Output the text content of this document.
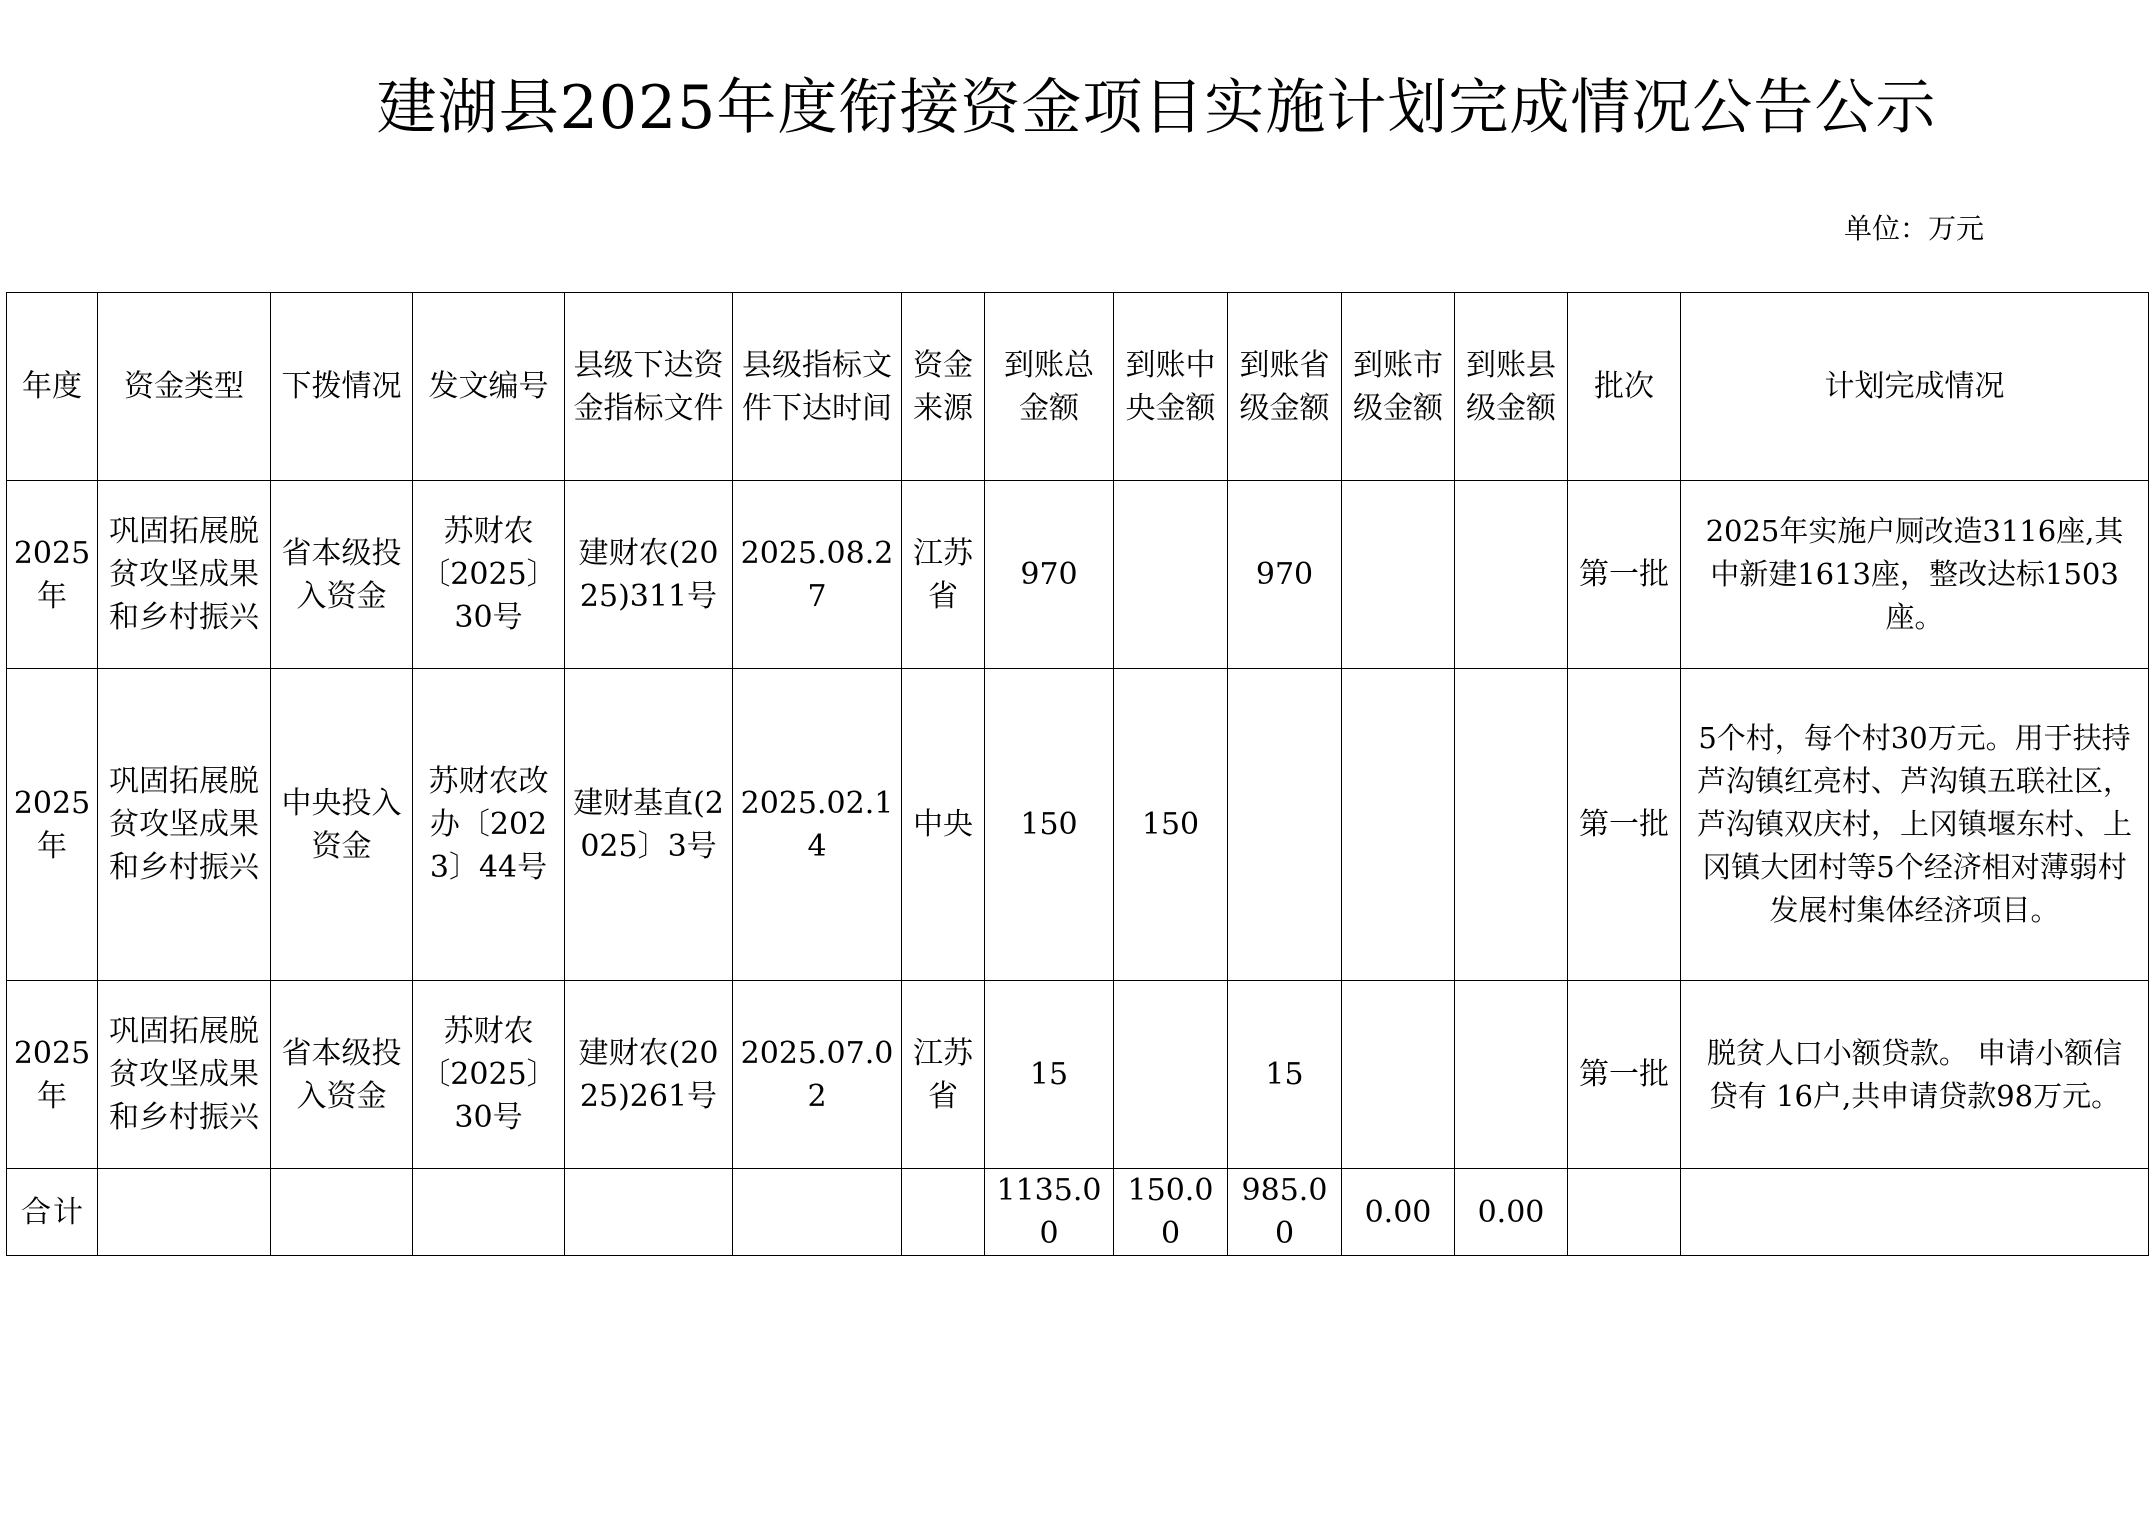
建湖县2025年度衔接资金项目实施计划完成情况公告公示
单位：万元
年度	资金类型	下拨情况	发文编号	县级下达资金指标文件	县级指标文件下达时间	资金来源	到账总金额	到账中央金额	到账省级金额	到账市级金额	到账县级金额	批次	计划完成情况
2025年	巩固拓展脱贫攻坚成果和乡村振兴	省本级投入资金	苏财农〔2025〕30号	建财农(2025)311号	2025.08.27	江苏省	970		970			第一批	2025年实施户厕改造3116座,其中新建1613座，整改达标1503座。
2025年	巩固拓展脱贫攻坚成果和乡村振兴	中央投入资金	苏财农改办〔2023〕44号	建财基直(2025〕3号	2025.02.14	中央	150	150				第一批	5个村，每个村30万元。用于扶持芦沟镇红亮村、芦沟镇五联社区，芦沟镇双庆村，上冈镇堰东村、上冈镇大团村等5个经济相对薄弱村发展村集体经济项目。
2025年	巩固拓展脱贫攻坚成果和乡村振兴	省本级投入资金	苏财农〔2025〕30号	建财农(2025)261号	2025.07.02	江苏省	15		15			第一批	脱贫人口小额贷款。 申请小额信贷有 16户,共申请贷款98万元。
合计							1135.00	150.00	985.00	0.00	0.00		
